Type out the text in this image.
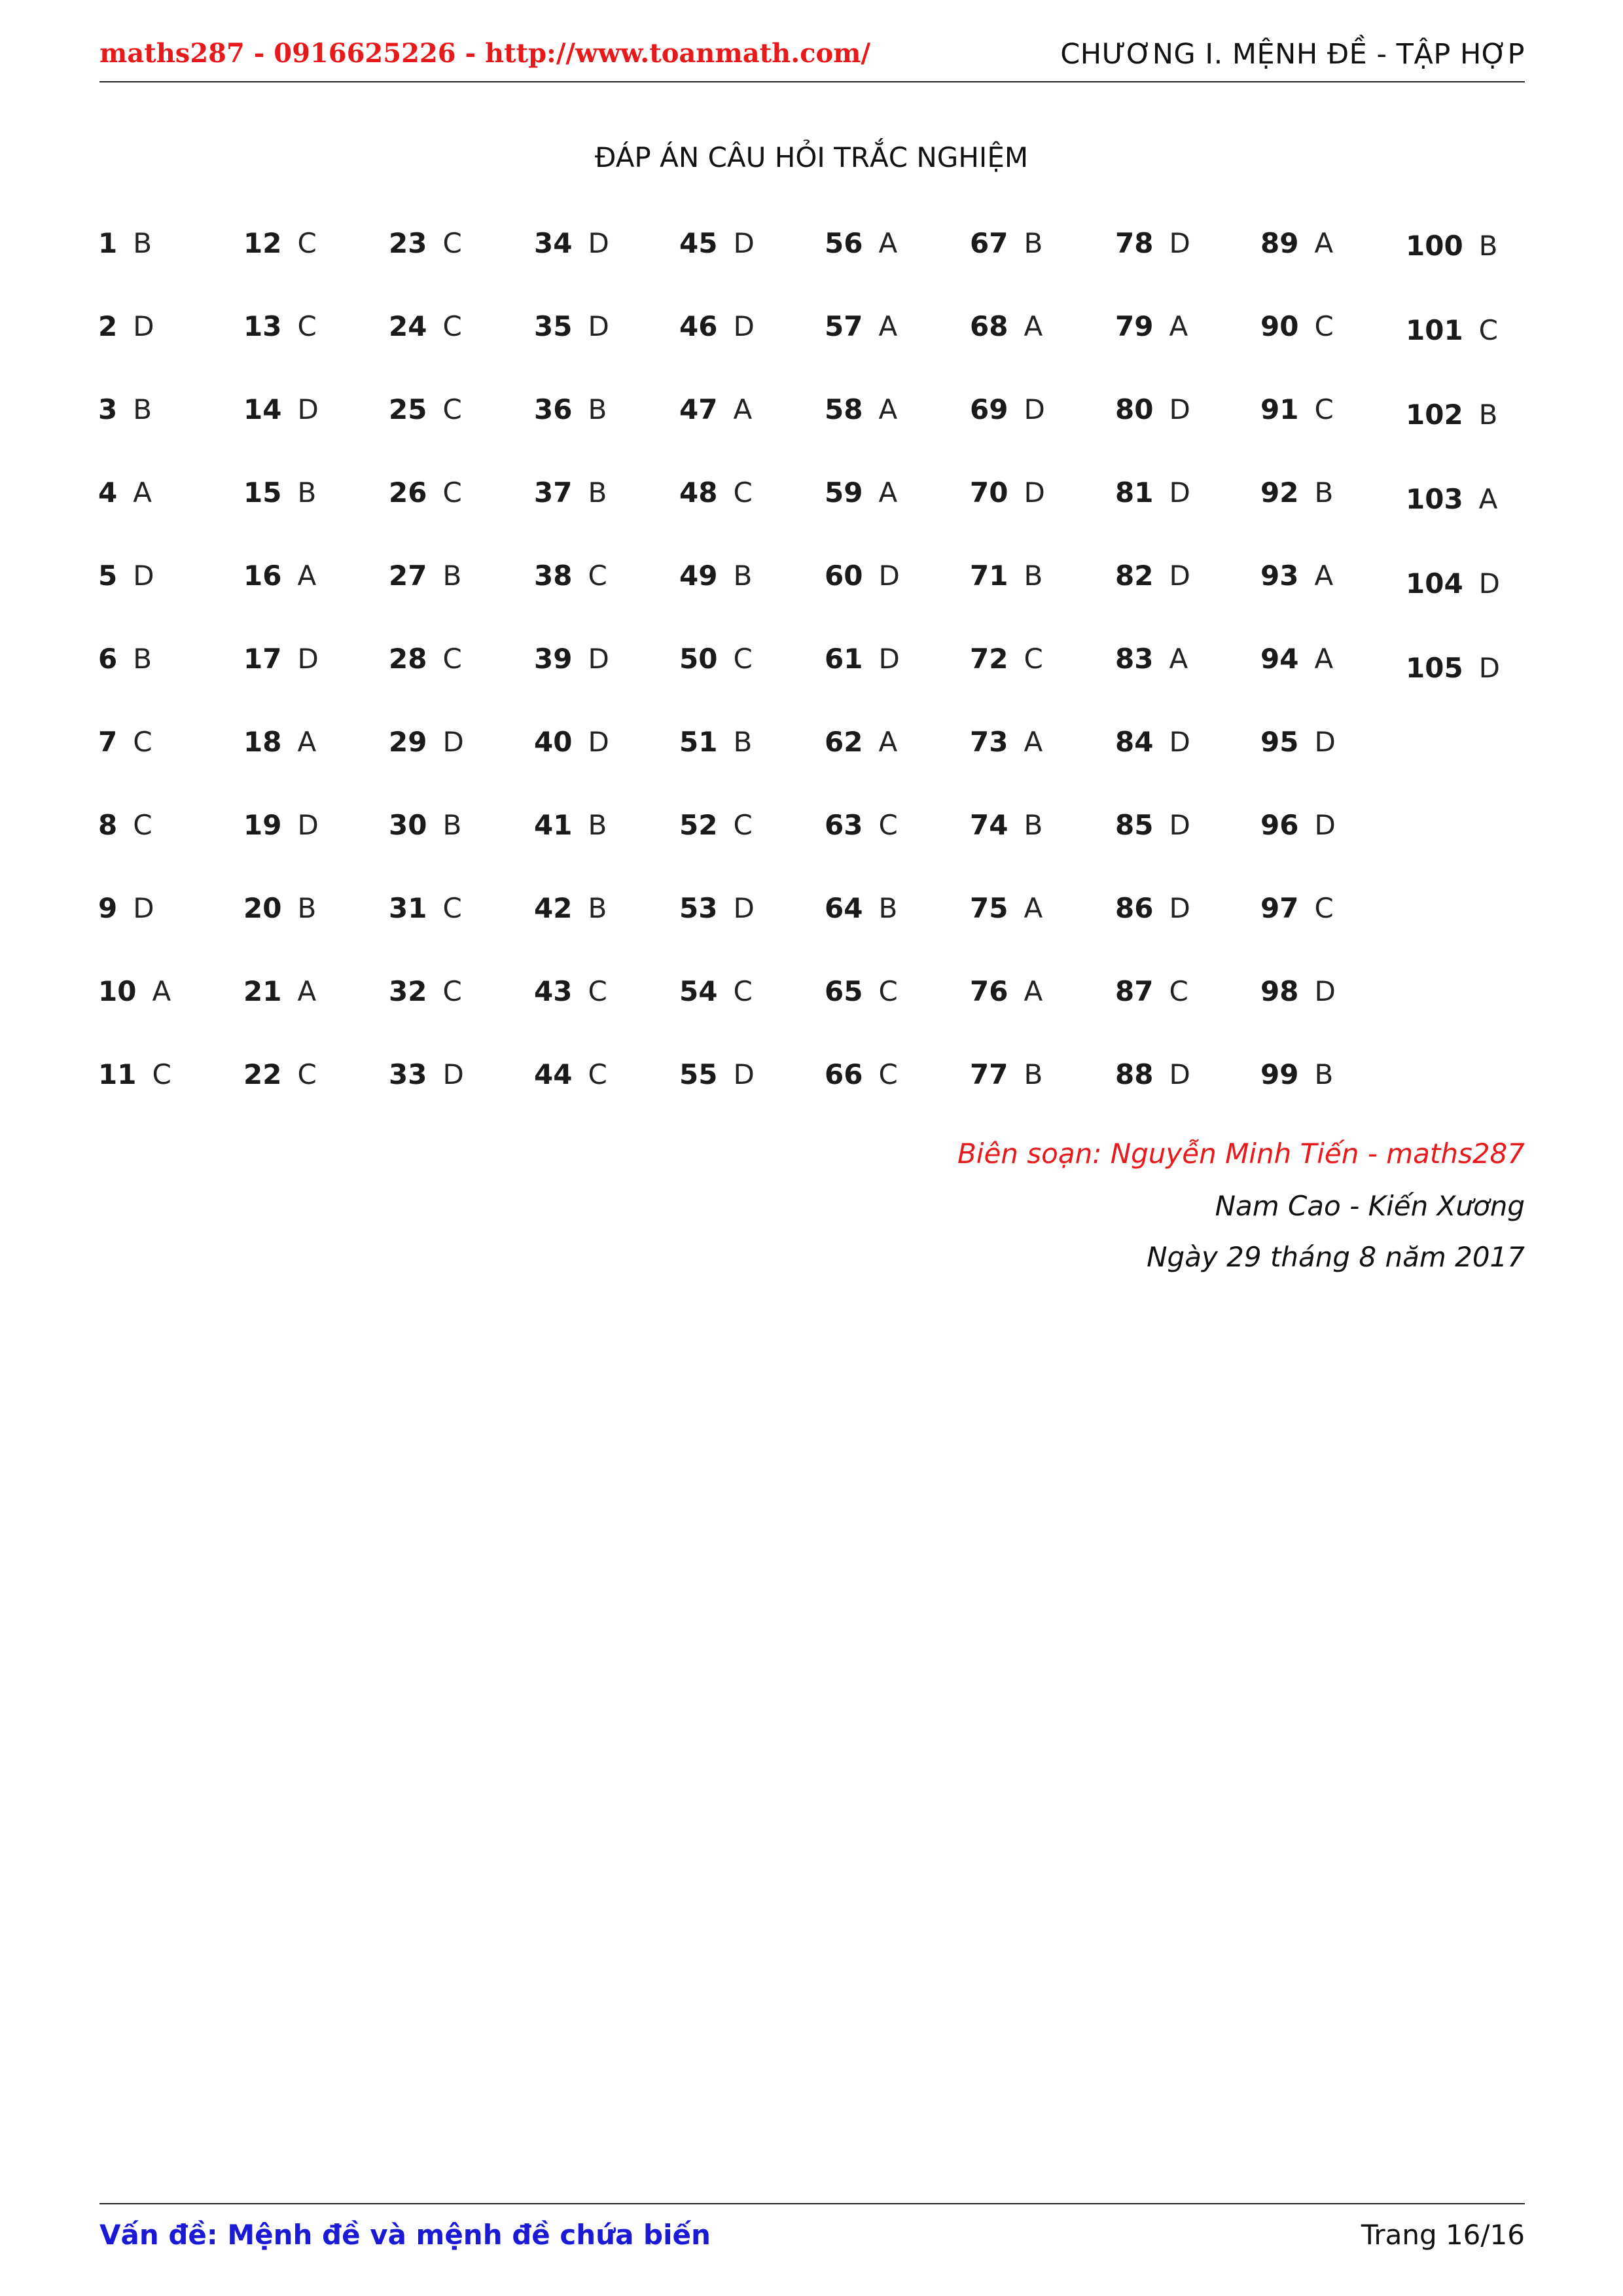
maths287 - 0916625226 - http://www.toanmath.com/	CHƯƠNG I. MỆNH ĐỀ - TẬP HỢP
ĐÁP ÁN CÂU HỎI TRẮC NGHIỆM
1 B
2 D
3 B
4 A
5 D
6 B
7 C
8 C
9 D
10 A
11 C
12 C
13 C
14 D
15 B
16 A
17 D
18 A
19 D
20 B
21 A
22 C
23 C
24 C
25 C
26 C
27 B
28 C
29 D
30 B
31 C
32 C
33 D
34 D
35 D
36 B
37 B
38 C
39 D
40 D
41 B
42 B
43 C
44 C
45 D
46 D
47 A
48 C
49 B
50 C
51 B
52 C
53 D
54 C
55 D
56 A
57 A
58 A
59 A
60 D
61 D
62 A
63 C
64 B
65 C
66 C
67 B
68 A
69 D
70 D
71 B
72 C
73 A
74 B
75 A
76 A
77 B
78 D
79 A
80 D
81 D
82 D
83 A
84 D
85 D
86 D
87 C
88 D
89 A
90 C
91 C
92 B
93 A
94 A
95 D
96 D
97 C
98 D
99 B
100 B
101 C
102 B
103 A
104 D
105 D
Biên soạn: Nguyễn Minh Tiến - maths287
Nam Cao - Kiến Xương
Ngày 29 tháng 8 năm 2017
Vấn đề: Mệnh đề và mệnh đề chứa biến	Trang 16/16
